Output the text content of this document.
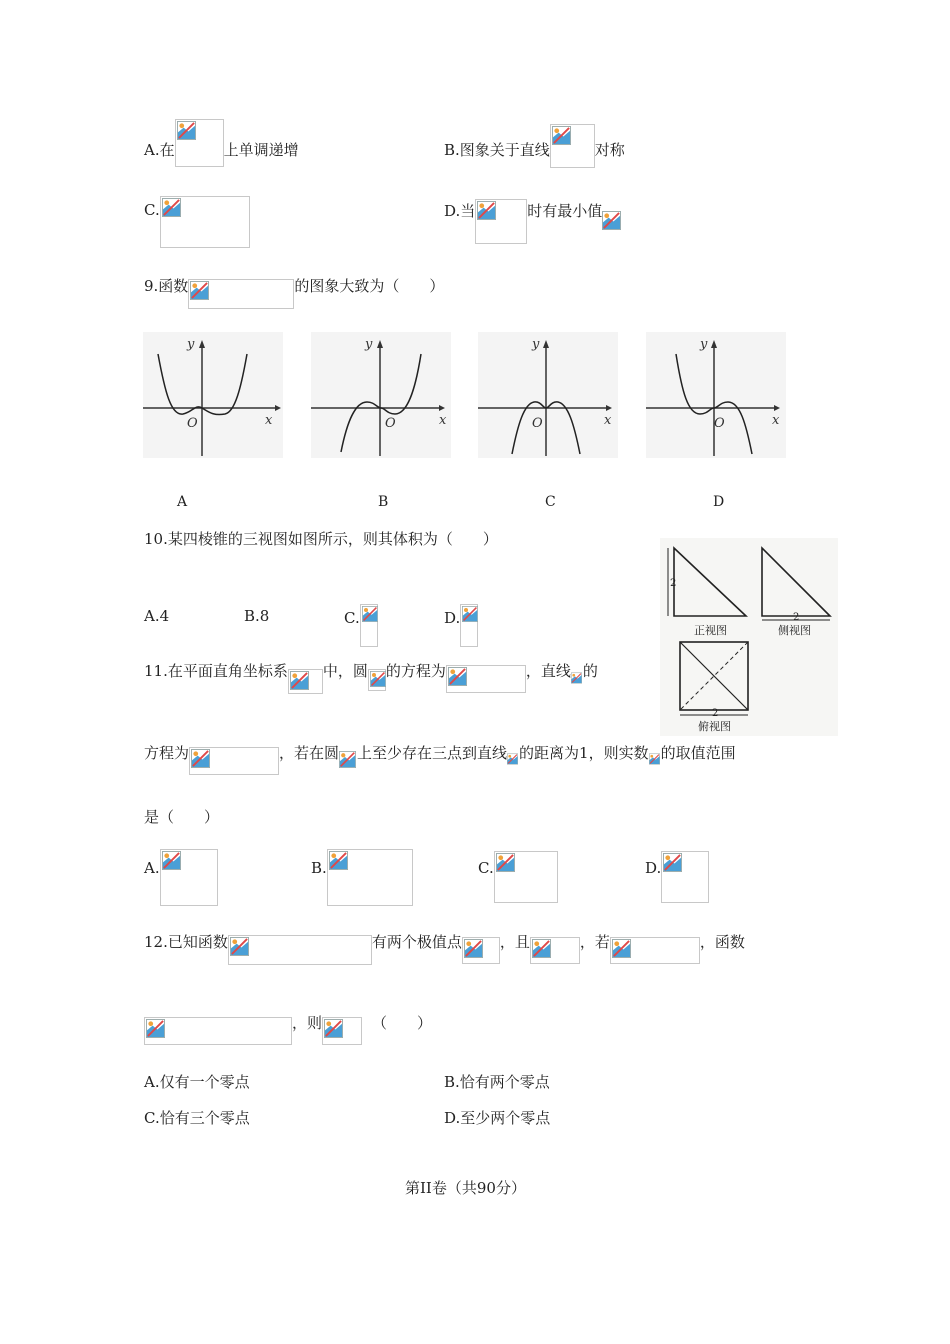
A.在	上单调递增	B.图象关于直线	对称
C.	D.当	时有最小值
9.函数	的图象大致为（　　）
y
x
O
y
x
O
y
x
O
y
x
O
A	B	C	D
10.某四棱锥的三视图如图所示，则其体积为（　　）
A.4	B.8	C.	D.
2
正视图
2
侧视图
2
俯视图
11.在平面直角坐标系 中，圆 的方程为	，直线 的
方程为	，若在圆 上至少存在三点到直线 的距离为1，则实数 的取值范围
是（　　）
A.	B.	C.	D.
12.已知函数	有两个极值点	，且	，若	，函数
，则	（　　）
A.仅有一个零点	B.恰有两个零点
C.恰有三个零点	D.至少两个零点
第II卷（共90分）
